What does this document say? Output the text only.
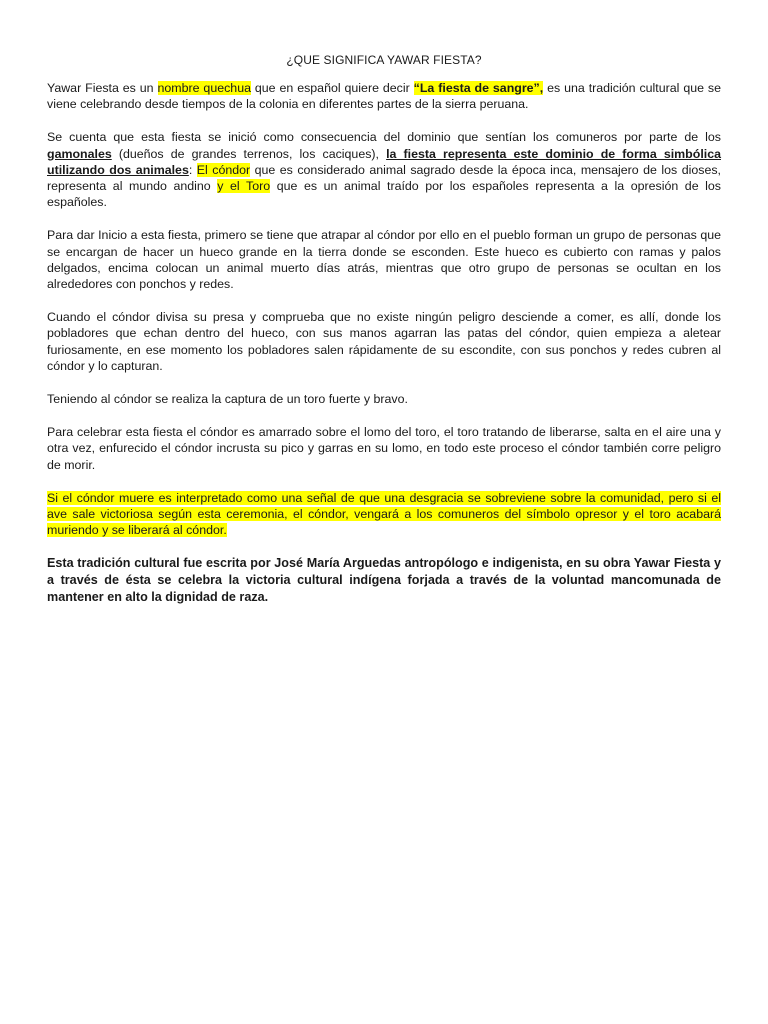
¿QUE SIGNIFICA YAWAR FIESTA?

Yawar Fiesta es un nombre quechua que en español quiere decir “La fiesta de sangre”, es una tradición cultural que se viene celebrando desde tiempos de la colonia en diferentes partes de la sierra peruana.

Se cuenta que esta fiesta se inició como consecuencia del dominio que sentían los comuneros por parte de los gamonales (dueños de grandes terrenos, los caciques), la fiesta representa este dominio de forma simbólica utilizando dos animales: El cóndor que es considerado animal sagrado desde la época inca, mensajero de los dioses, representa al mundo andino y el Toro que es un animal traído por los españoles representa a la opresión de los españoles.

Para dar Inicio a esta fiesta, primero se tiene que atrapar al cóndor por ello en el pueblo forman un grupo de personas que se encargan de hacer un hueco grande en la tierra donde se esconden. Este hueco es cubierto con ramas y palos delgados, encima colocan un animal muerto días atrás, mientras que otro grupo de personas se ocultan en los alrededores con ponchos y redes.

Cuando el cóndor divisa su presa y comprueba que no existe ningún peligro desciende a comer, es allí, donde los pobladores que echan dentro del hueco, con sus manos agarran las patas del cóndor, quien empieza a aletear furiosamente, en ese momento los pobladores salen rápidamente de su escondite, con sus ponchos y redes cubren al cóndor y lo capturan.

Teniendo al cóndor se realiza la captura de un toro fuerte y bravo.

Para celebrar esta fiesta el cóndor es amarrado sobre el lomo del toro, el toro tratando de liberarse, salta en el aire una y otra vez, enfurecido el cóndor incrusta su pico y garras en su lomo, en todo este proceso el cóndor también corre peligro de morir.

Si el cóndor muere es interpretado como una señal de que una desgracia se sobreviene sobre la comunidad, pero si el ave sale victoriosa según esta ceremonia, el cóndor, vengará a los comuneros del símbolo opresor y el toro acabará muriendo y se liberará al cóndor.

Esta tradición cultural fue escrita por José María Arguedas antropólogo e indigenista, en su obra Yawar Fiesta y a través de ésta se celebra la victoria cultural indígena forjada a través de la voluntad mancomunada de mantener en alto la dignidad de raza.
